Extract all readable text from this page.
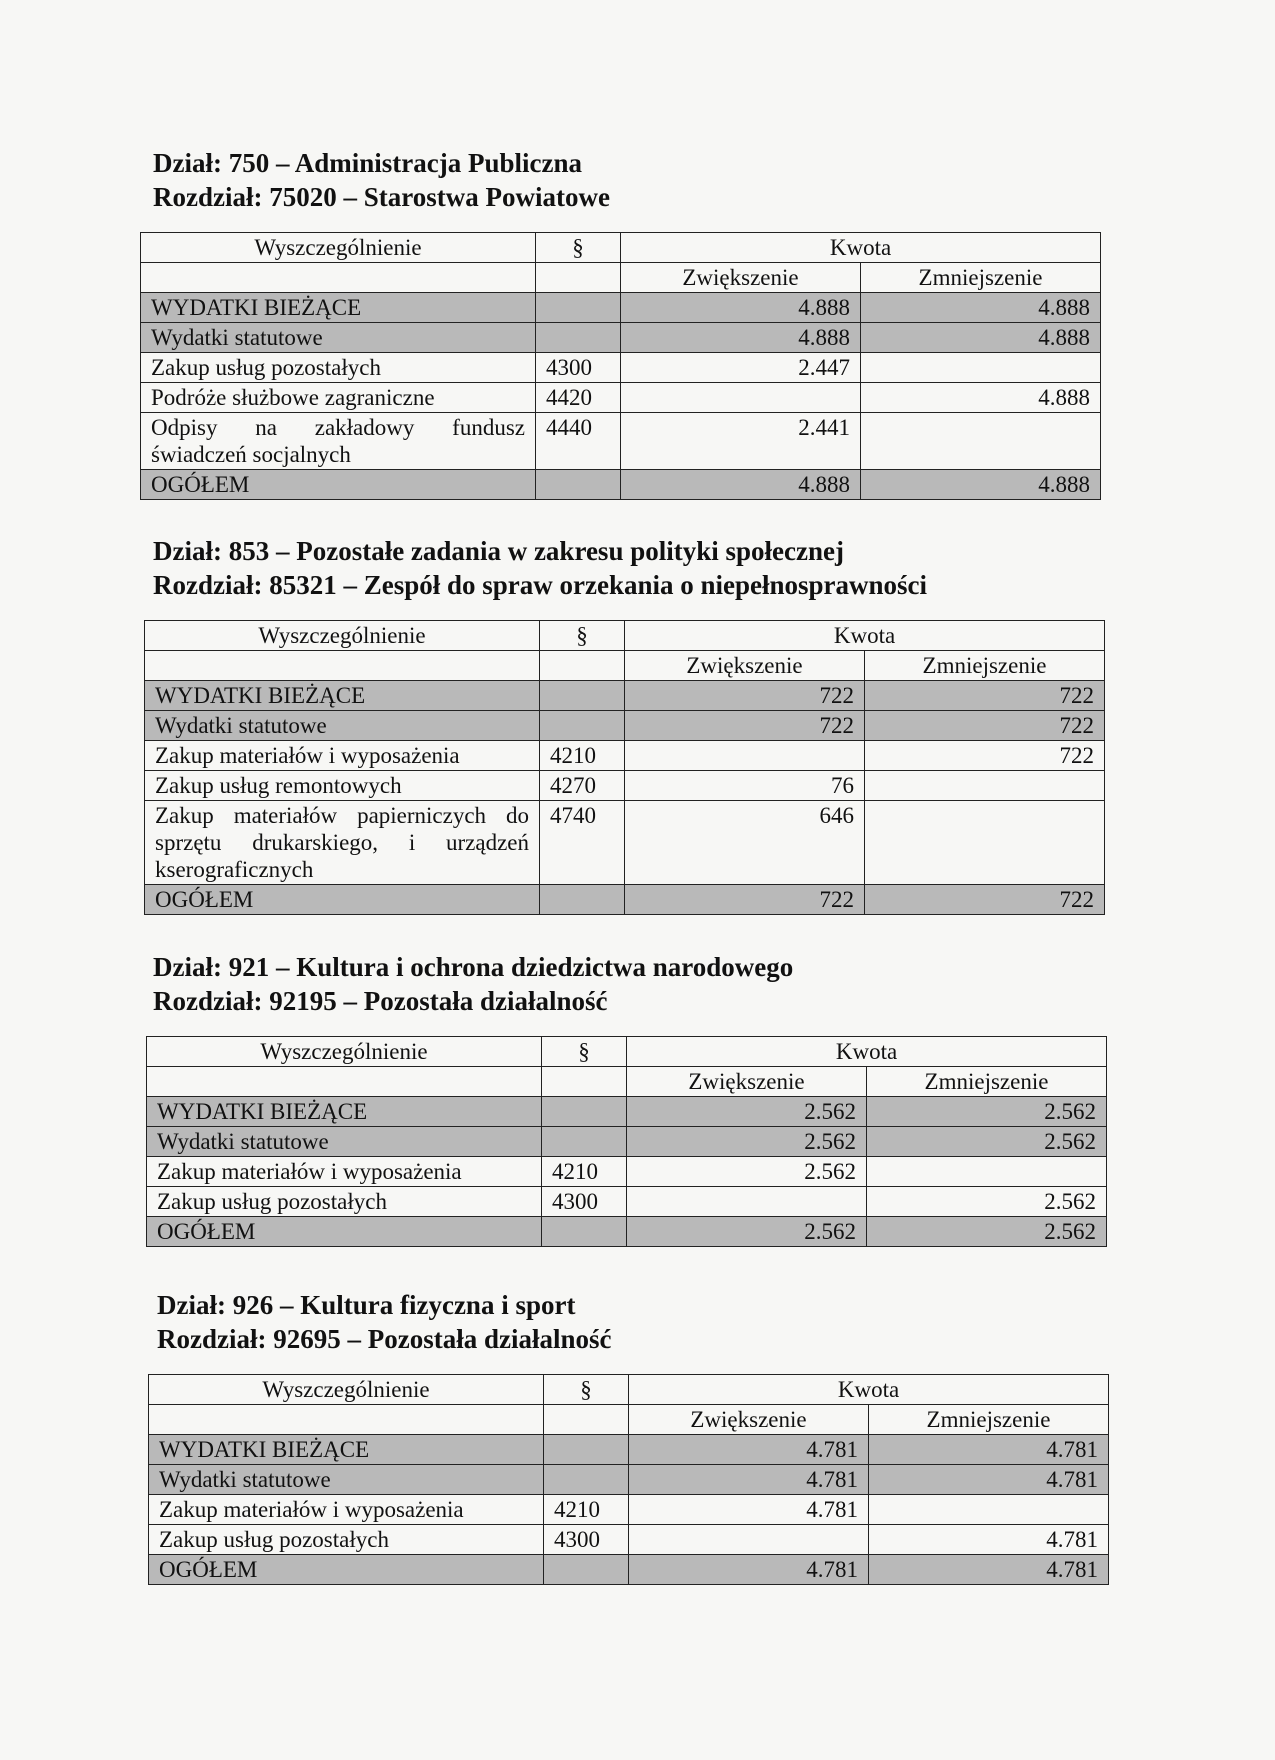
Dział: 750 – Administracja Publiczna

Rozdział: 75020 – Starostwa Powiatowe

Wyszczególnienie	§	Kwota	
		Zwiększenie	Zmniejszenie
WYDATKI BIEŻĄCE		4.888	4.888
Wydatki statutowe		4.888	4.888
Zakup usług pozostałych	4300	2.447	
Podróże służbowe zagraniczne	4420		4.888
Odpisy na zakładowy fundusz świadczeń socjalnych	4440	2.441	
OGÓŁEM		4.888	4.888

Dział: 853 – Pozostałe zadania w zakresu polityki społecznej

Rozdział: 85321 – Zespół do spraw orzekania o niepełnosprawności

Wyszczególnienie	§	Kwota	
		Zwiększenie	Zmniejszenie
WYDATKI BIEŻĄCE		722	722
Wydatki statutowe		722	722
Zakup materiałów i wyposażenia	4210		722
Zakup usług remontowych	4270	76	
Zakup materiałów papierniczych do sprzętu drukarskiego, i urządzeń kserograficznych	4740	646	
OGÓŁEM		722	722

Dział: 921 – Kultura i ochrona dziedzictwa narodowego

Rozdział: 92195 – Pozostała działalność

Wyszczególnienie	§	Kwota	
		Zwiększenie	Zmniejszenie
WYDATKI BIEŻĄCE		2.562	2.562
Wydatki statutowe		2.562	2.562
Zakup materiałów i wyposażenia	4210	2.562	
Zakup usług pozostałych	4300		2.562
OGÓŁEM		2.562	2.562

Dział: 926 – Kultura fizyczna i sport

Rozdział: 92695 – Pozostała działalność

Wyszczególnienie	§	Kwota	
		Zwiększenie	Zmniejszenie
WYDATKI BIEŻĄCE		4.781	4.781
Wydatki statutowe		4.781	4.781
Zakup materiałów i wyposażenia	4210	4.781	
Zakup usług pozostałych	4300		4.781
OGÓŁEM		4.781	4.781
